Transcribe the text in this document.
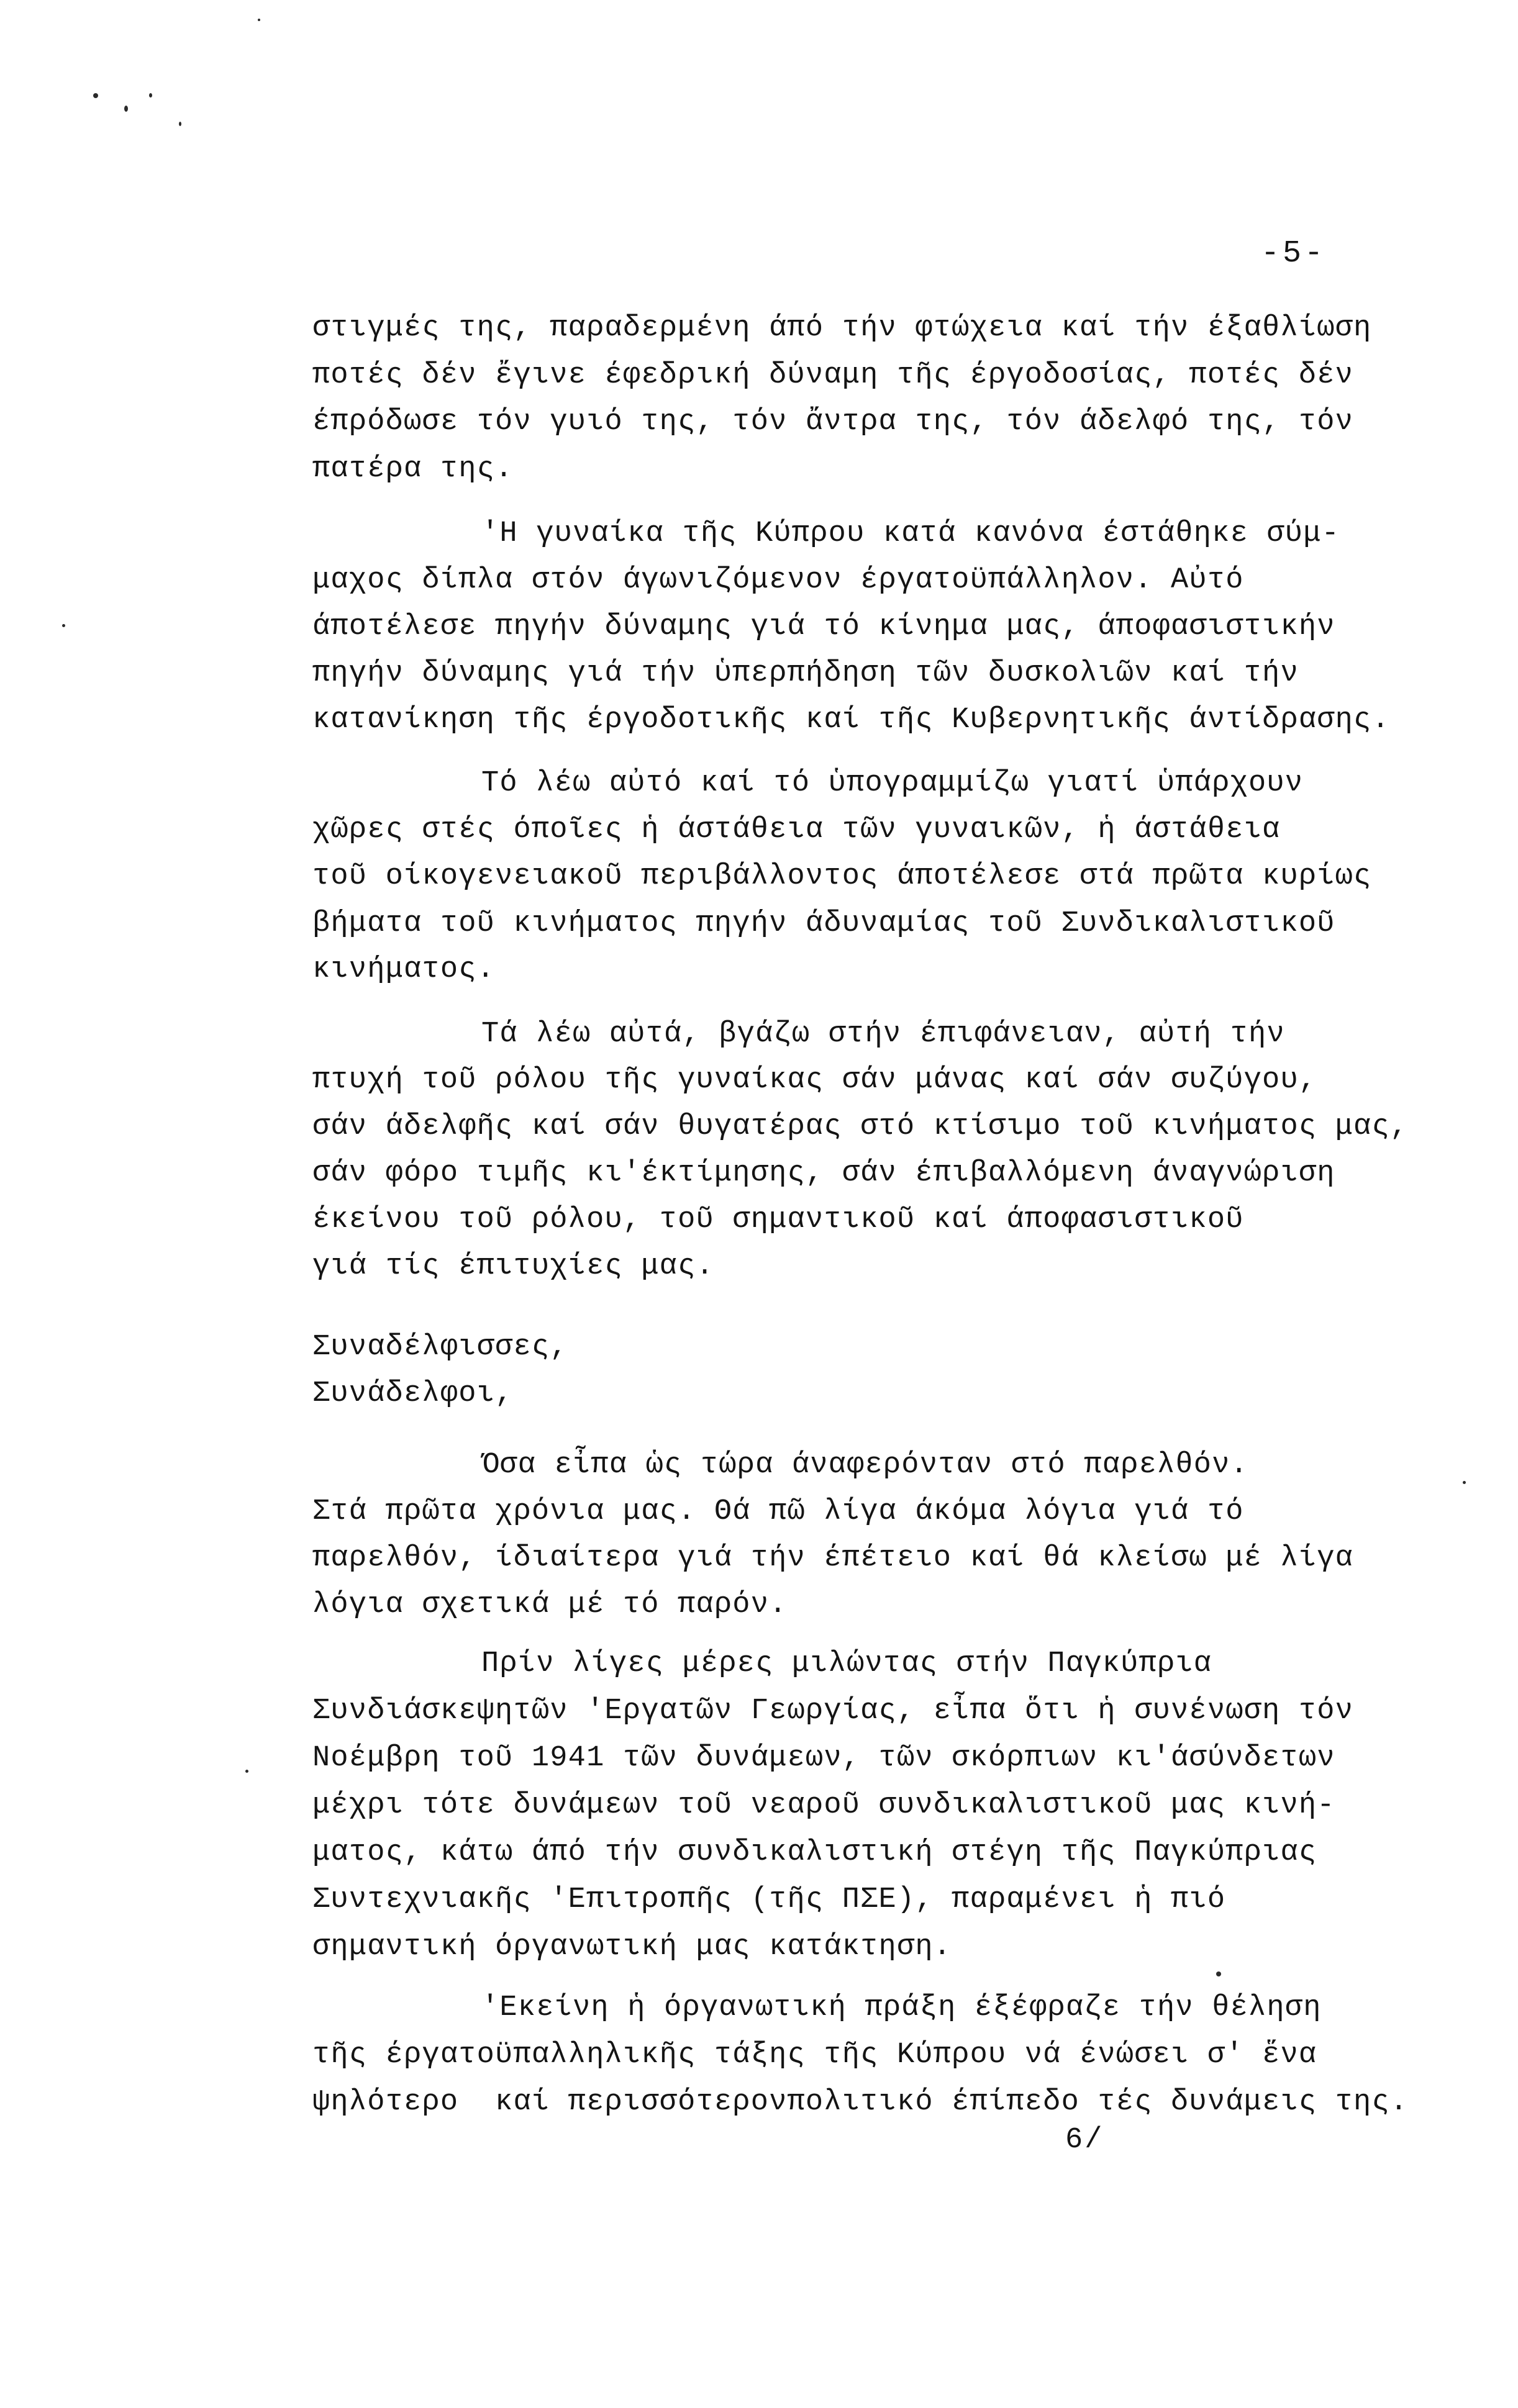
-5-
στιγμές της, παραδερμένη άπό τήν φτώχεια καί τήν έξαθλίωση
ποτές δέν ἔγινε έφεδρική δύναμη τῆς έργοδοσίας, ποτές δέν
έπρόδωσε τόν γυιό της, τόν ἄντρα της, τόν άδελφό της, τόν
πατέρα της.
'Η γυναίκα τῆς Κύπρου κατά κανόνα έστάθηκε σύμ-
μαχος δίπλα στόν άγωνιζόμενον έργατοϋπάλληλον. Αὐτό
άποτέλεσε πηγήν δύναμης γιά τό κίνημα μας, άποφασιστικήν
πηγήν δύναμης γιά τήν ὑπερπήδηση τῶν δυσκολιῶν καί τήν
κατανίκηση τῆς έργοδοτικῆς καί τῆς Κυβερνητικῆς άντίδρασης.
Τό λέω αὐτό καί τό ὑπογραμμίζω γιατί ὑπάρχουν
χῶρες στές όποῖες ἡ άστάθεια τῶν γυναικῶν, ἡ άστάθεια
τοῦ οίκογενειακοῦ περιβάλλοντος άποτέλεσε στά πρῶτα κυρίως
βήματα τοῦ κινήματος πηγήν άδυναμίας τοῦ Συνδικαλιστικοῦ
κινήματος.
Τά λέω αὐτά, βγάζω στήν έπιφάνειαν, αὐτή τήν
πτυχή τοῦ ρόλου τῆς γυναίκας σάν μάνας καί σάν συζύγου,
σάν άδελφῆς καί σάν θυγατέρας στό κτίσιμο τοῦ κινήματος μας,
σάν φόρο τιμῆς κι'έκτίμησης, σάν έπιβαλλόμενη άναγνώριση
έκείνου τοῦ ρόλου, τοῦ σημαντικοῦ καί άποφασιστικοῦ
γιά τίς έπιτυχίες μας.
Συναδέλφισσες,
Συνάδελφοι,
Όσα εἶπα ὡς τώρα άναφερόνταν στό παρελθόν.
Στά πρῶτα χρόνια μας. Θά πῶ λίγα άκόμα λόγια γιά τό
παρελθόν, ίδιαίτερα γιά τήν έπέτειο καί θά κλείσω μέ λίγα
λόγια σχετικά μέ τό παρόν.
Πρίν λίγες μέρες μιλώντας στήν Παγκύπρια
Συνδιάσκεψητῶν 'Εργατῶν Γεωργίας, εἶπα ὅτι ἡ συνένωση τόν
Νοέμβρη τοῦ 1941 τῶν δυνάμεων, τῶν σκόρπιων κι'άσύνδετων
μέχρι τότε δυνάμεων τοῦ νεαροῦ συνδικαλιστικοῦ μας κινή-
ματος, κάτω άπό τήν συνδικαλιστική στέγη τῆς Παγκύπριας
Συντεχνιακῆς 'Επιτροπῆς (τῆς ΠΣΕ), παραμένει ἡ πιό
σημαντική όργανωτική μας κατάκτηση.
'Εκείνη ἡ όργανωτική πράξη έξέφραζε τήν θέληση
τῆς έργατοϋπαλληλικῆς τάξης τῆς Κύπρου νά ένώσει σ' ἕνα
ψηλότερο  καί περισσότερονπολιτικό έπίπεδο τές δυνάμεις της.
6/
